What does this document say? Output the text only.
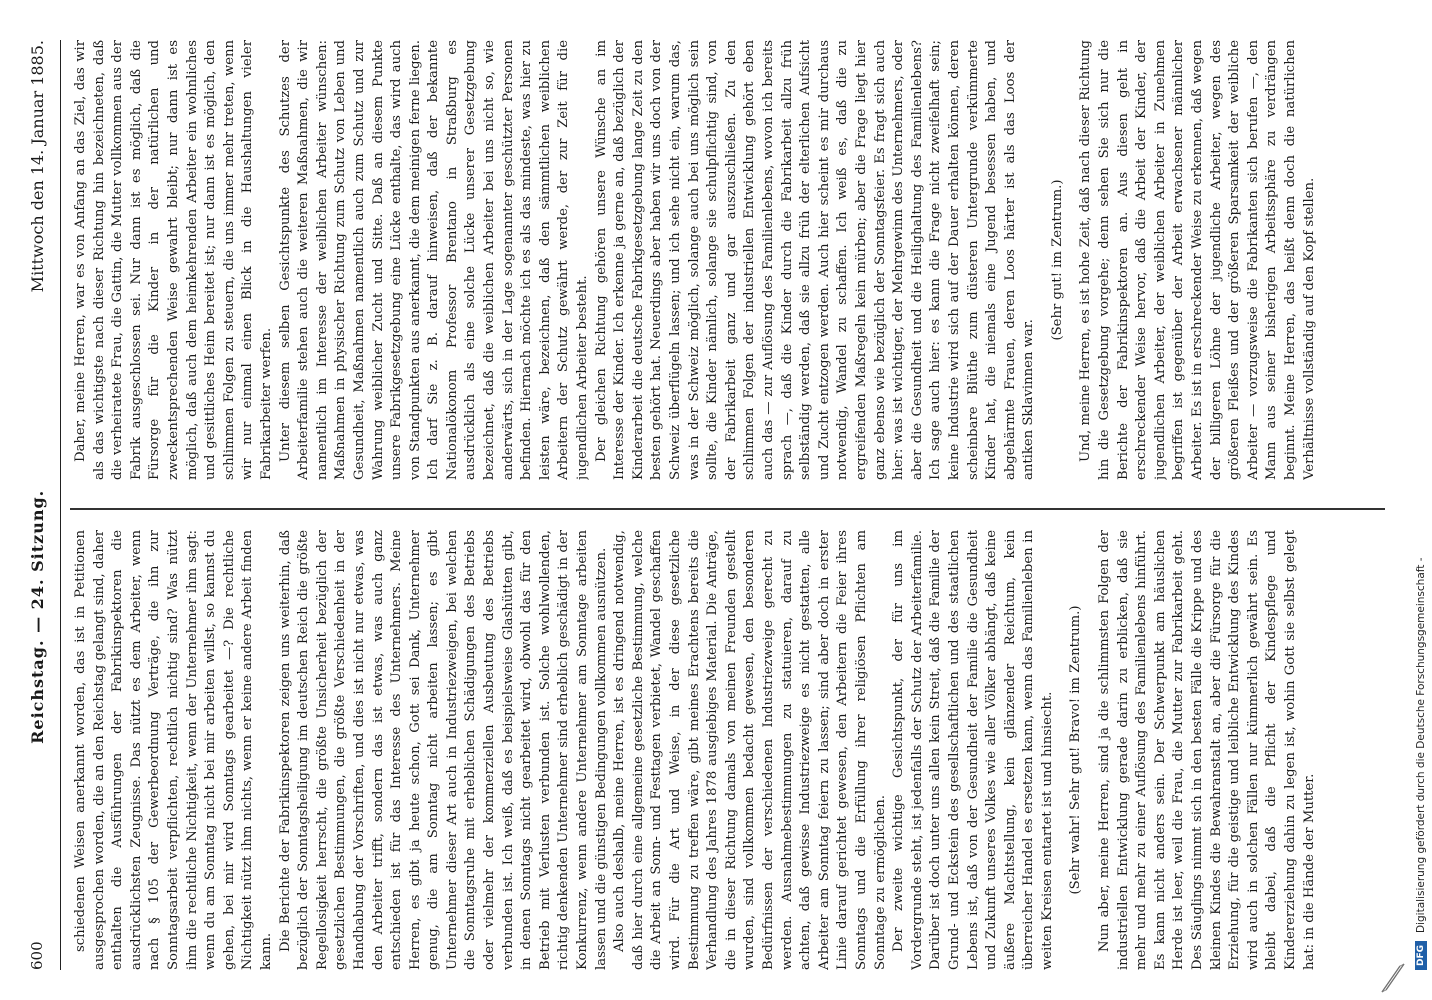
600
Reichstag. — 24. Sitzung.
Mittwoch den 14. Januar 1885.

schiedenen Weisen anerkannt worden, das ist in Petitionen ausgesprochen worden, die an den Reichstag gelangt sind, daher enthalten die Ausführungen der Fabrikinspektoren die ausdrücklichsten Zeugnisse. Das nützt es dem Arbeiter, wenn nach § 105 der Gewerbeordnung Verträge, die ihn zur Sonntagsarbeit verpflichten, rechtlich nichtig sind? Was nützt ihm die rechtliche Nichtigkeit, wenn der Unternehmer ihm sagt: wenn du am Sonntag nicht bei mir arbeiten willst, so kannst du gehen, bei mir wird Sonntags gearbeitet —? Die rechtliche Nichtigkeit nützt ihm nichts, wenn er keine andere Arbeit finden kann. Die Berichte der Fabrikinspektoren zeigen uns weiterhin, daß bezüglich der Sonntagsheiligung im deutschen Reich die größte Regellosigkeit herrscht, die größte Unsicherheit bezüglich der gesetzlichen Bestimmungen, die größte Verschiedenheit in der Handhabung der Vorschriften, und dies ist nicht nur etwas, was den Arbeiter trifft, sondern das ist etwas, was auch ganz entschieden ist für das Interesse des Unternehmers. Meine Herren, es gibt ja heute schon, Gott sei Dank, Unternehmer genug, die am Sonntag nicht arbeiten lassen; es gibt Unternehmer dieser Art auch in Industriezweigen, bei welchen die Sonntagsruhe mit erheblichen Schädigungen des Betriebs oder vielmehr der kommerziellen Ausbeutung des Betriebs verbunden ist. Ich weiß, daß es beispielsweise Glashütten gibt, in denen Sonntags nicht gearbeitet wird, obwohl das für den Betrieb mit Verlusten verbunden ist. Solche wohlwollenden, richtig denkenden Unternehmer sind erheblich geschädigt in der Konkurrenz, wenn andere Unternehmer am Sonntage arbeiten lassen und die günstigen Bedingungen vollkommen ausnützen. Also auch deshalb, meine Herren, ist es dringend notwendig, daß hier durch eine allgemeine gesetzliche Bestimmung, welche die Arbeit an Sonn- und Festtagen verbietet, Wandel geschaffen wird. Für die Art und Weise, in der diese gesetzliche Bestimmung zu treffen wäre, gibt meines Erachtens bereits die Verhandlung des Jahres 1878 ausgiebiges Material. Die Anträge, die in dieser Richtung damals von meinen Freunden gestellt wurden, sind vollkommen bedacht gewesen, den besonderen Bedürfnissen der verschiedenen Industriezweige gerecht zu werden. Ausnahmebestimmungen zu statuieren, darauf zu achten, daß gewisse Industriezweige es nicht gestatten, alle Arbeiter am Sonntag feiern zu lassen; sind aber doch in erster Linie darauf gerichtet gewesen, den Arbeitern die Feier ihres Sonntags und die Erfüllung ihrer religiösen Pflichten am Sonntage zu ermöglichen. Der zweite wichtige Gesichtspunkt, der für uns im Vordergrunde steht, ist jedenfalls der Schutz der Arbeiterfamilie. Darüber ist doch unter uns allen kein Streit, daß die Familie der Grund- und Eckstein des gesellschaftlichen und des staatlichen Lebens ist, daß von der Gesundheit der Familie die Gesundheit und Zukunft unseres Volkes wie aller Völker abhängt, daß keine äußere Machtstellung, kein glänzender Reichtum, kein überreicher Handel es ersetzen kann, wenn das Familienleben in weiten Kreisen entartet ist und hinsiecht. (Sehr wahr! Sehr gut! Bravo! im Zentrum.) Nun aber, meine Herren, sind ja die schlimmsten Folgen der industriellen Entwicklung gerade darin zu erblicken, daß sie mehr und mehr zu einer Auflösung des Familienlebens hinführt. Es kann nicht anders sein. Der Schwerpunkt am häuslichen Herde ist leer, weil die Frau, die Mutter zur Fabrikarbeit geht. Des Säuglings nimmt sich in den besten Fälle die Krippe und des kleinen Kindes die Bewahranstalt an, aber die Fürsorge für die Erziehung, für die geistige und leibliche Entwicklung des Kindes wird auch in solchen Fällen nur kümmerlich gewährt sein. Es bleibt dabei, daß die Pflicht der Kindespflege und Kindererziehung dahin zu legen ist, wohin Gott sie selbst gelegt hat: in die Hände der Mutter.

Daher, meine Herren, war es von Anfang an das Ziel, das wir als das wichtigste nach dieser Richtung hin bezeichneten, daß die verheiratete Frau, die Gattin, die Mutter vollkommen aus der Fabrik ausgeschlossen sei. Nur dann ist es möglich, daß die Fürsorge für die Kinder in der natürlichen und zweckentsprechenden Weise gewahrt bleibt; nur dann ist es möglich, daß auch dem heimkehrenden Arbeiter ein wohnliches und gesittliches Heim bereitet ist; nur dann ist es möglich, den schlimmen Folgen zu steuern, die uns immer mehr treten, wenn wir nur einmal einen Blick in die Haushaltungen vieler Fabrikarbeiter werfen. Unter diesem selben Gesichtspunkte des Schutzes der Arbeiterfamilie stehen auch die weiteren Maßnahmen, die wir namentlich im Interesse der weiblichen Arbeiter wünschen: Maßnahmen in physischer Richtung zum Schutz von Leben und Gesundheit, Maßnahmen namentlich auch zum Schutz und zur Wahrung weiblicher Zucht und Sitte. Daß an diesem Punkte unsere Fabrikgesetzgebung eine Lücke enthalte, das wird auch von Standpunkten aus anerkannt, die dem meinigen ferne liegen. Ich darf Sie z. B. darauf hinweisen, daß der bekannte Nationalökonom Professor Brentano in Straßburg es ausdrücklich als eine solche Lücke unserer Gesetzgebung bezeichnet, daß die weiblichen Arbeiter bei uns nicht so, wie anderwärts, sich in der Lage sogenannter geschützter Personen befinden. Hiernach möchte ich es als das mindeste, was hier zu leisten wäre, bezeichnen, daß den sämmtlichen weiblichen Arbeitern der Schutz gewährt werde, der zur Zeit für die jugendlichen Arbeiter besteht. Der gleichen Richtung gehören unsere Wünsche an im Interesse der Kinder. Ich erkenne ja gerne an, daß bezüglich der Kinderarbeit die deutsche Fabrikgesetzgebung lange Zeit zu den besten gehört hat. Neuerdings aber haben wir uns doch von der Schweiz überflügeln lassen; und ich sehe nicht ein, warum das, was in der Schweiz möglich, solange auch bei uns möglich sein sollte, die Kinder nämlich, solange sie schulpflichtig sind, von der Fabrikarbeit ganz und gar auszuschließen. Zu den schlimmen Folgen der industriellen Entwicklung gehört eben auch das — zur Auflösung des Familienlebens, wovon ich bereits sprach —, daß die Kinder durch die Fabrikarbeit allzu früh selbständig werden, daß sie allzu früh der elterlichen Aufsicht und Zucht entzogen werden. Auch hier scheint es mir durchaus notwendig, Wandel zu schaffen. Ich weiß es, daß die zu ergreifenden Maßregeln kein mürben; aber die Frage liegt hier ganz ebenso wie bezüglich der Sonntagsfeier. Es fragt sich auch hier: was ist wichtiger, der Mehrgewinn des Unternehmers, oder aber die Gesundheit und die Heilighaltung des Familienlebens? Ich sage auch hier: es kann die Frage nicht zweifelhaft sein; keine Industrie wird sich auf der Dauer erhalten können, deren scheinbare Blüthe zum düsteren Untergrunde verkümmerte Kinder hat, die niemals eine Jugend besessen haben, und abgehärmte Frauen, deren Loos härter ist als das Loos der antiken Sklavinnen war.

(Sehr gut! im Zentrum.) Und, meine Herren, es ist hohe Zeit, daß nach dieser Richtung hin die Gesetzgebung vorgehe; denn sehen Sie sich nur die Berichte der Fabrikinspektoren an. Aus diesen geht in erschreckender Weise hervor, daß die Arbeit der Kinder, der jugendlichen Arbeiter, der weiblichen Arbeiter in Zunehmen begriffen ist gegenüber der Arbeit erwachsener männlicher Arbeiter. Es ist in erschreckender Weise zu erkennen, daß wegen der billigeren Löhne der jugendliche Arbeiter, wegen des größeren Fleißes und der größeren Sparsamkeit der weibliche Arbeiter — vorzugsweise die Fabrikanten sich berufen —, den Mann aus seiner bisherigen Arbeitssphäre zu verdrängen beginnt. Meine Herren, das heißt denn doch die natürlichen Verhältnisse vollständig auf den Kopf stellen.

DFG
Digitalisierung gefördert durch die Deutsche Forschungsgemeinschaft -
